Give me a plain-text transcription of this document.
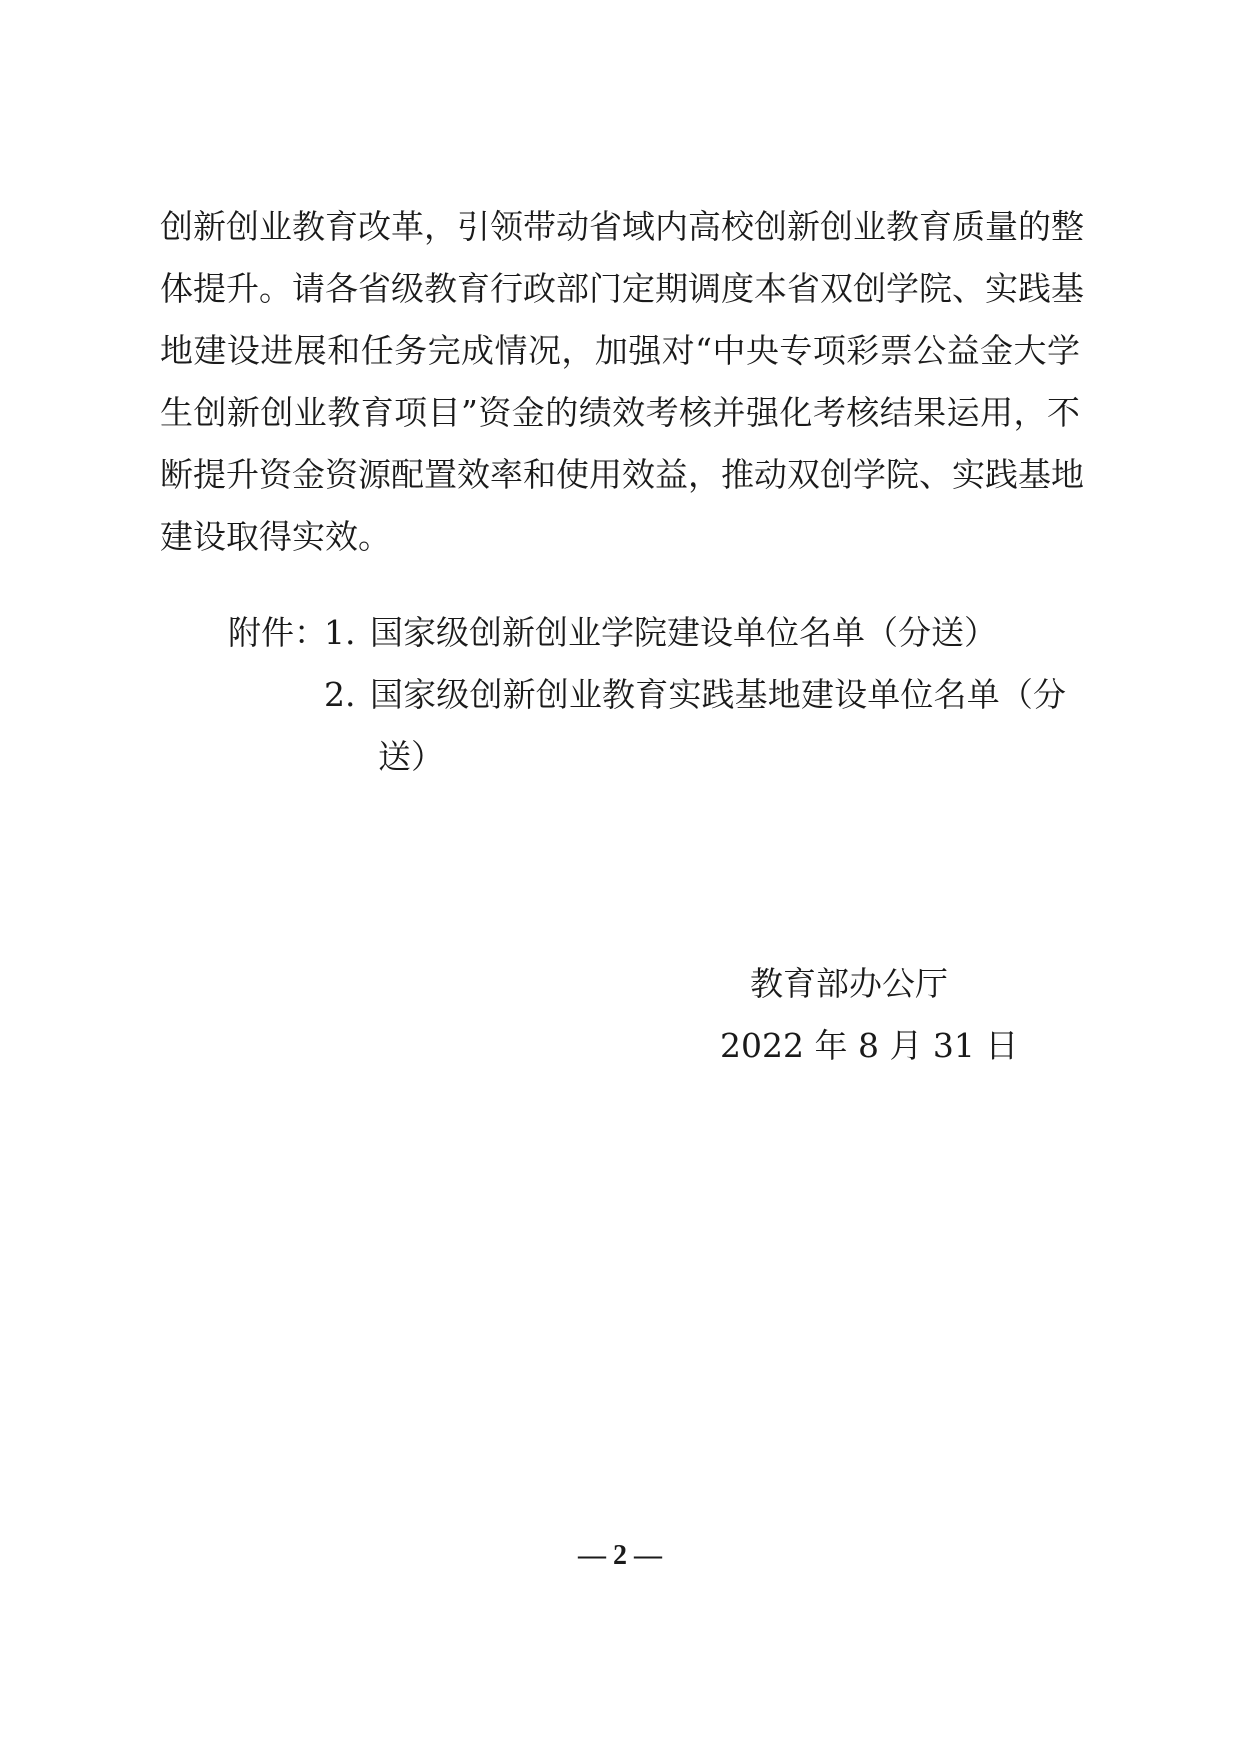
创新创业教育改革，引领带动省域内高校创新创业教育质量的整
体提升。请各省级教育行政部门定期调度本省双创学院、实践基
地建设进展和任务完成情况，加强对“中央专项彩票公益金大学
生创新创业教育项目”资金的绩效考核并强化考核结果运用，不
断提升资金资源配置效率和使用效益，推动双创学院、实践基地
建设取得实效。
附件：
1. 国家级创新创业学院建设单位名单（分送）
2. 国家级创新创业教育实践基地建设单位名单（分
送）
教育部办公厅
2022 年 8 月 31 日
— 2 —
